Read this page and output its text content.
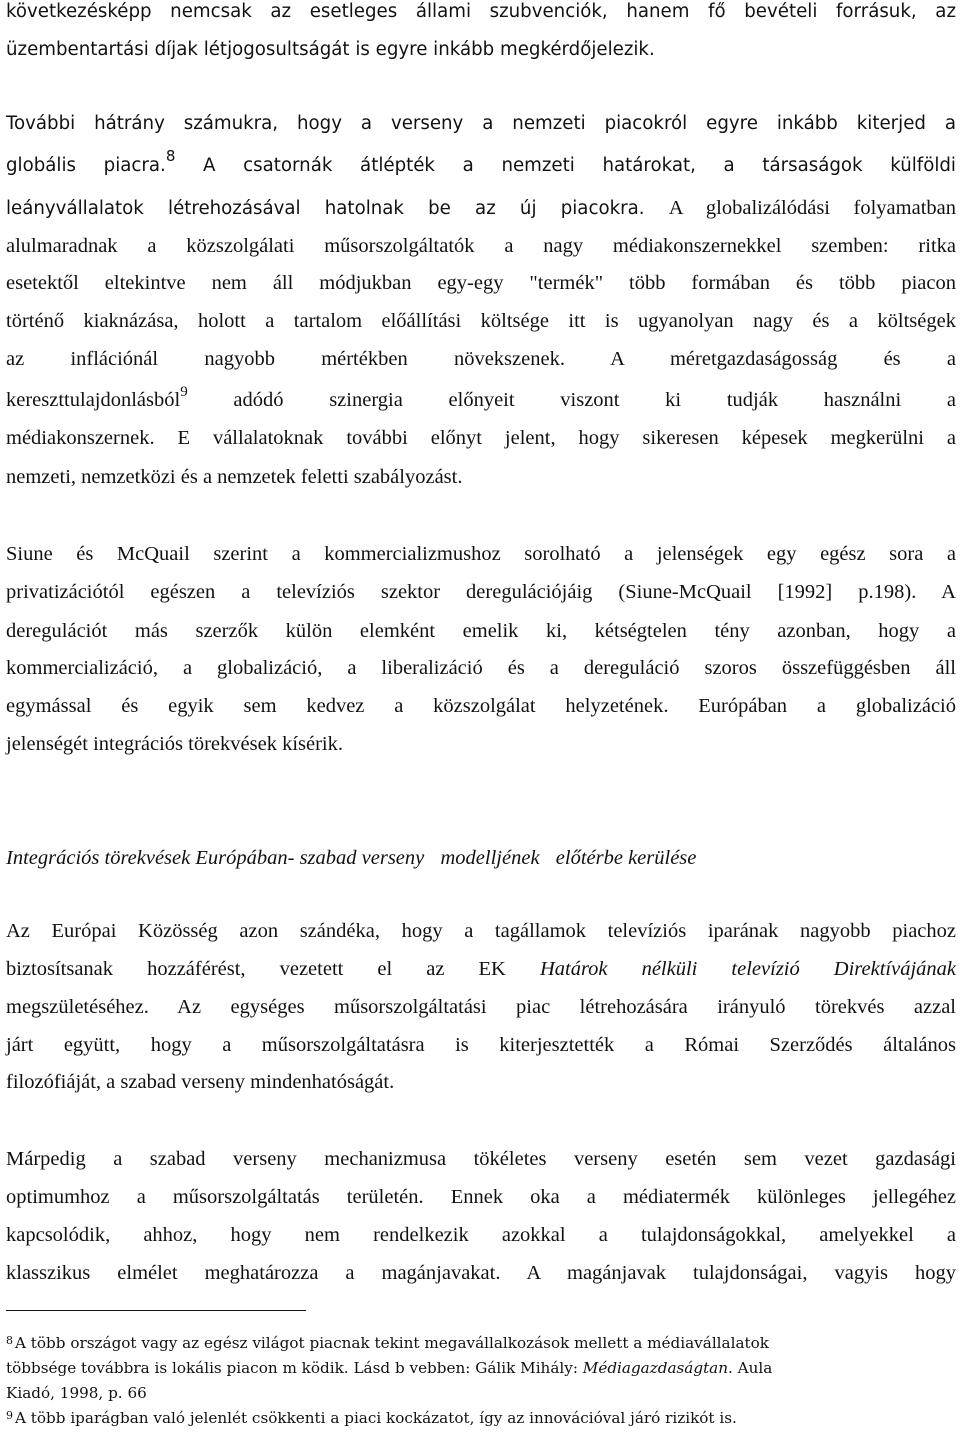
következésképp nemcsak az esetleges állami szubvenciók, hanem fő bevételi forrásuk, az
üzembentartási díjak létjogosultságát is egyre inkább megkérdőjelezik.
További hátrány számukra, hogy a verseny a nemzeti piacokról egyre inkább kiterjed a
globális piacra.$^8$ A csatornák átlépték a nemzeti határokat, a társaságok külföldi
leányvállalatok létrehozásával hatolnak be az új piacokra. A globalizálódási folyamatban
alulmaradnak a közszolgálati műsorszolgáltatók a nagy médiakonszernekkel szemben: ritka
esetektől eltekintve nem áll módjukban egy-egy "termék" több formában és több piacon
történő kiaknázása, holott a tartalom előállítási költsége itt is ugyanolyan nagy és a költségek
az inflációnál nagyobb mértékben növekszenek. A méretgazdaságosság és a
kereszttulajdonlásból$^9$ adódó szinergia előnyeit viszont ki tudják használni a
médiakonszernek. E vállalatoknak további előnyt jelent, hogy sikeresen képesek megkerülni a
nemzeti, nemzetközi és a nemzetek feletti szabályozást.
Siune és McQuail szerint a kommercializmushoz sorolható a jelenségek egy egész sora a
privatizációtól egészen a televíziós szektor deregulációjáig (Siune-McQuail [1992] p.198). A
deregulációt más szerzők külön elemként emelik ki, kétségtelen tény azonban, hogy a
kommercializáció, a globalizáció, a liberalizáció és a dereguláció szoros összefüggésben áll
egymással és egyik sem kedvez a közszolgálat helyzetének. Európában a globalizáció
jelenségét integrációs törekvések kísérik.
Integrációs törekvések Európában- szabad verseny modelljének előtérbe kerülése
Az Európai Közösség azon szándéka, hogy a tagállamok televíziós iparának nagyobb piachoz
biztosítsanak hozzáférést, vezetett el az EK Határok nélküli televízió Direktívájának
megszületéséhez. Az egységes műsorszolgáltatási piac létrehozására irányuló törekvés azzal
járt együtt, hogy a műsorszolgáltatásra is kiterjesztették a Római Szerződés általános
filozófiáját, a szabad verseny mindenhatóságát.
Márpedig a szabad verseny mechanizmusa tökéletes verseny esetén sem vezet gazdasági
optimumhoz a műsorszolgáltatás területén. Ennek oka a médiatermék különleges jellegéhez
kapcsolódik, ahhoz, hogy nem rendelkezik azokkal a tulajdonságokkal, amelyekkel a
klasszikus elmélet meghatározza a magánjavakat. A magánjavak tulajdonságai, vagyis hogy
$^8$ A több országot vagy az egész világot piacnak tekint megavállalkozások mellett a médiavállalatok
többsége továbbra is lokális piacon m ködik. Lásd b vebben: Gálik Mihály: Médiagazdaságtan. Aula
Kiadó, 1998, p. 66
$^9$ A több iparágban való jelenlét csökkenti a piaci kockázatot, így az innovációval járó rizikót is.
